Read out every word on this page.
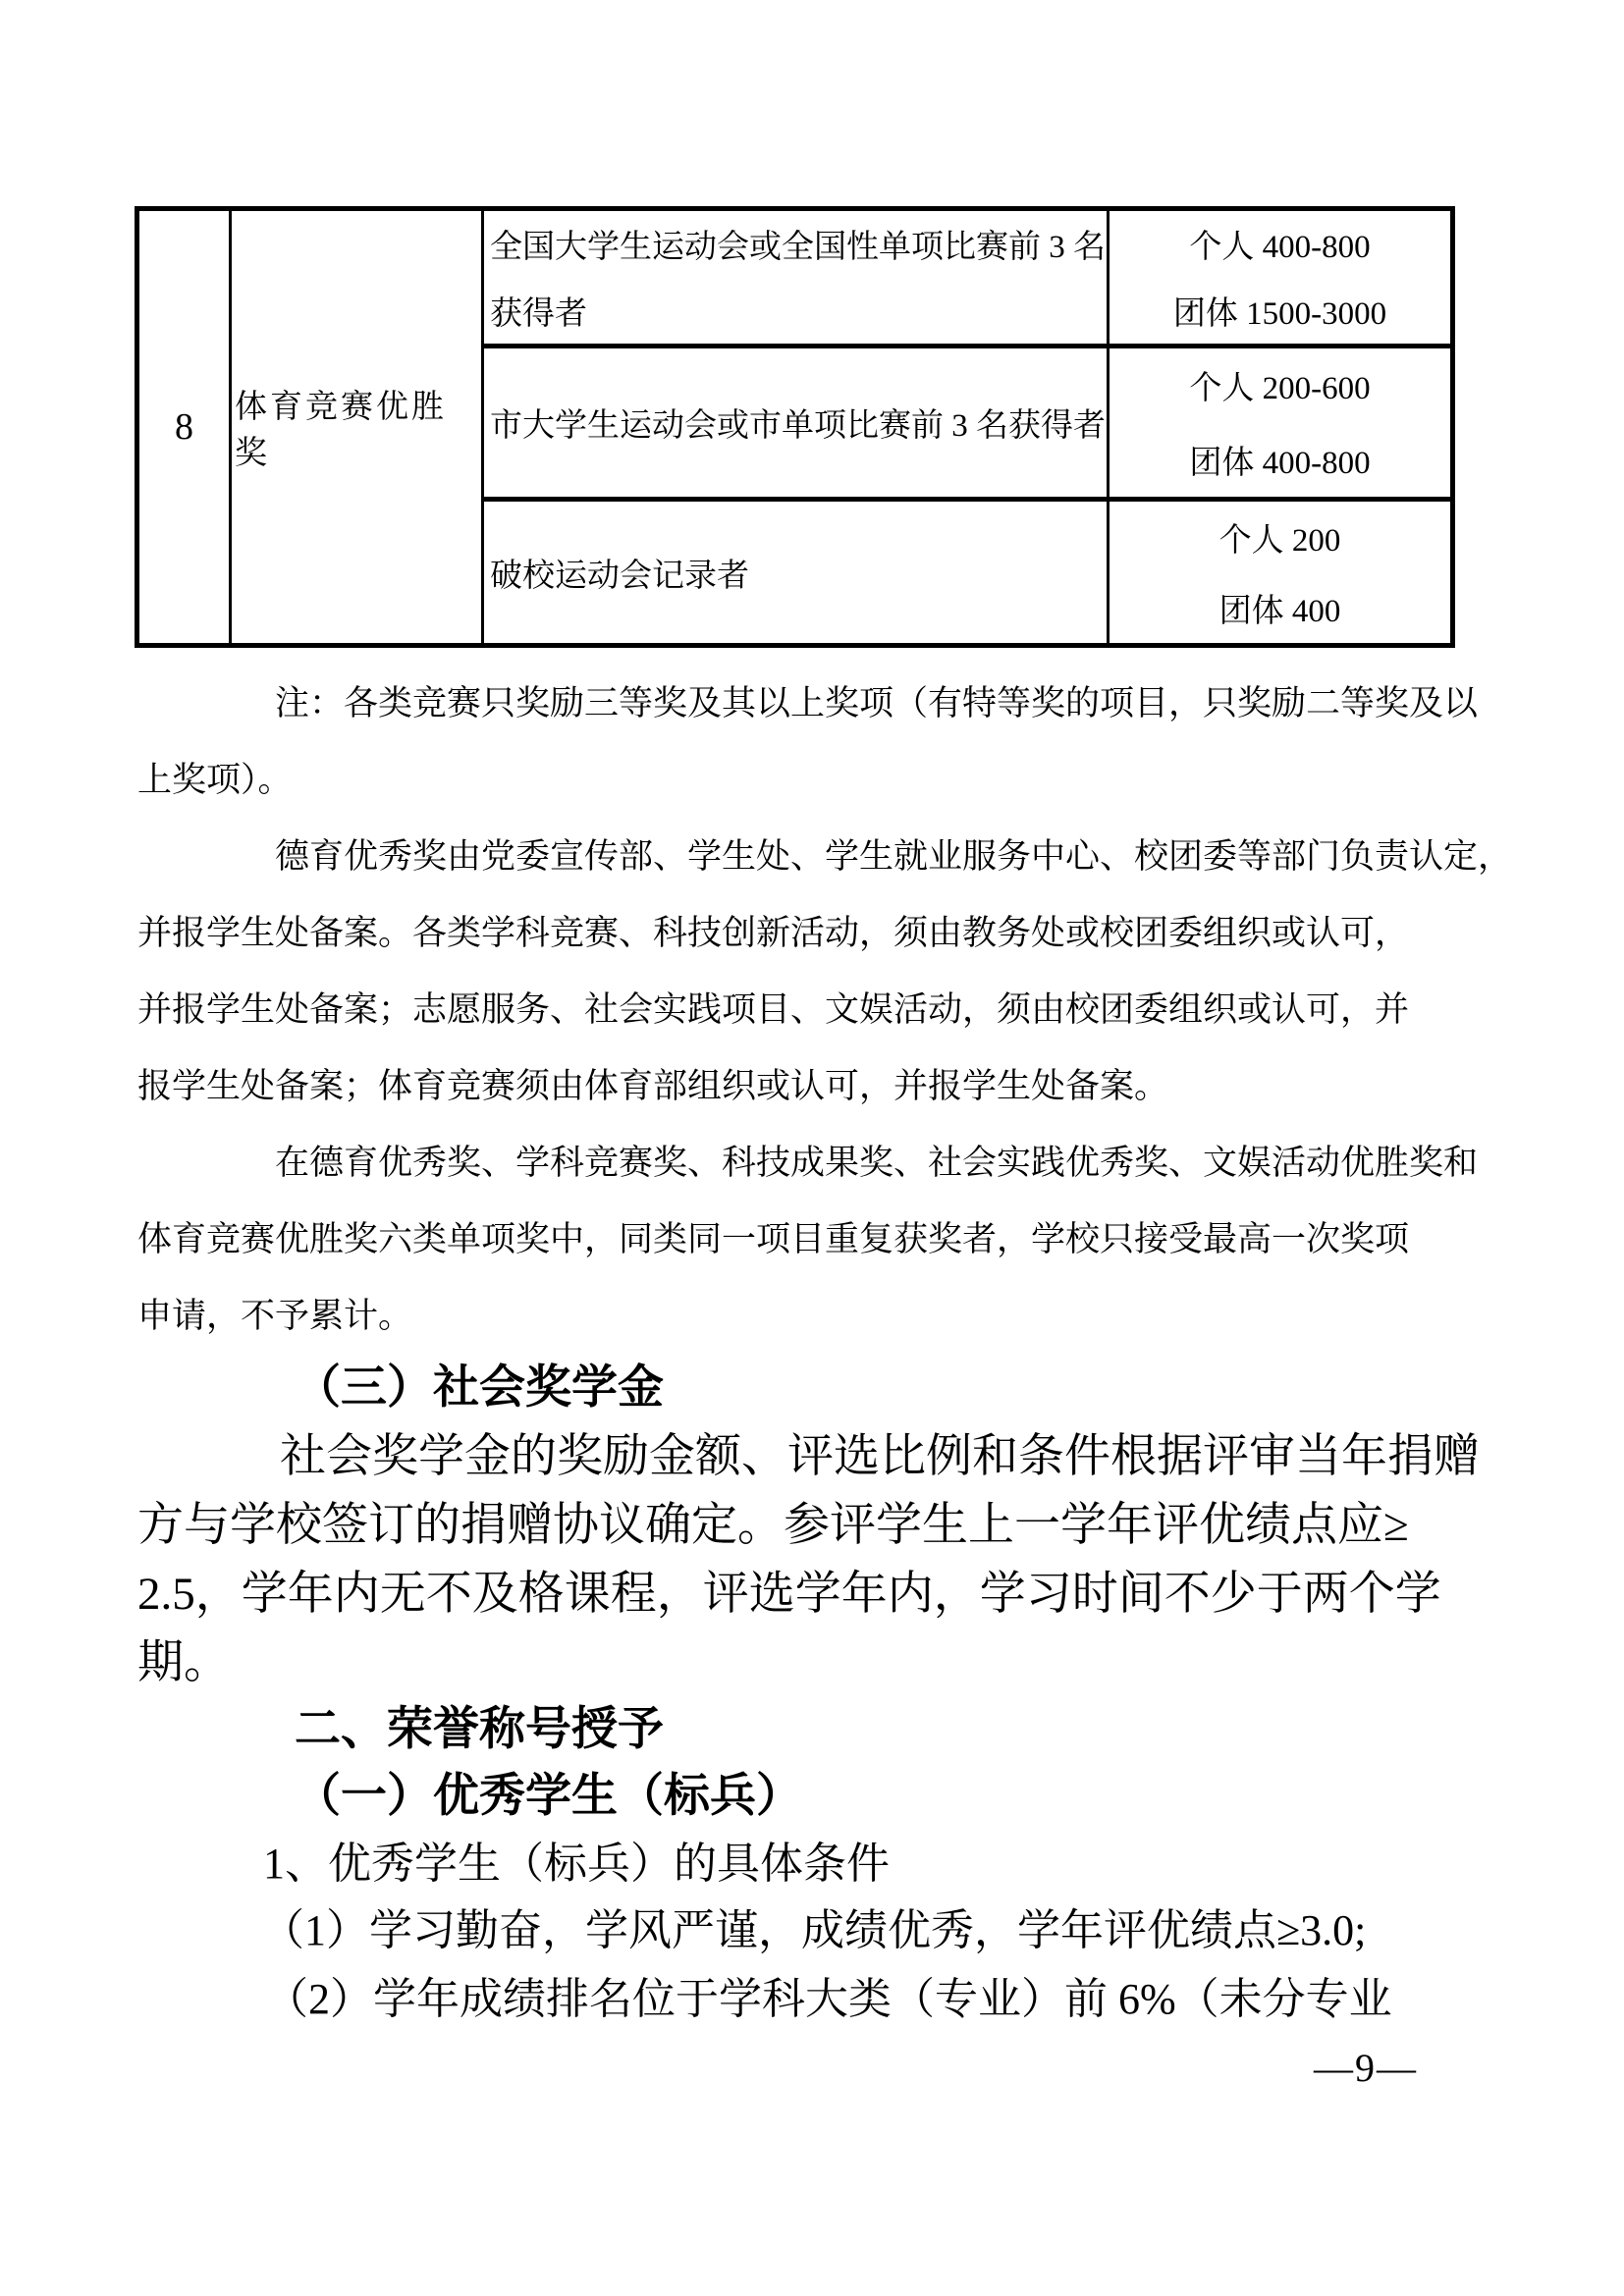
8	体育竞赛优胜奖
全国大学生运动会或全国性单项比赛前 3 名
获得者
个人 400-800
团体 1500-3000
市大学生运动会或市单项比赛前 3 名获得者
个人 200-600
团体 400-800
破校运动会记录者
个人 200
团体 400
注：各类竞赛只奖励三等奖及其以上奖项（有特等奖的项目，只奖励二等奖及以
上奖项）。
德育优秀奖由党委宣传部、学生处、学生就业服务中心、校团委等部门负责认定，
并报学生处备案。各类学科竞赛、科技创新活动，须由教务处或校团委组织或认可，
并报学生处备案；志愿服务、社会实践项目、文娱活动，须由校团委组织或认可，并
报学生处备案；体育竞赛须由体育部组织或认可，并报学生处备案。
在德育优秀奖、学科竞赛奖、科技成果奖、社会实践优秀奖、文娱活动优胜奖和
体育竞赛优胜奖六类单项奖中，同类同一项目重复获奖者，学校只接受最高一次奖项
申请，不予累计。
（三）社会奖学金
社会奖学金的奖励金额、评选比例和条件根据评审当年捐赠
方与学校签订的捐赠协议确定。参评学生上一学年评优绩点应≥
2.5，学年内无不及格课程，评选学年内，学习时间不少于两个学
期。
二、荣誉称号授予
（一）优秀学生（标兵）
1、优秀学生（标兵）的具体条件
（1）学习勤奋，学风严谨，成绩优秀，学年评优绩点≥3.0;
（2）学年成绩排名位于学科大类（专业）前 6%（未分专业
—9—
